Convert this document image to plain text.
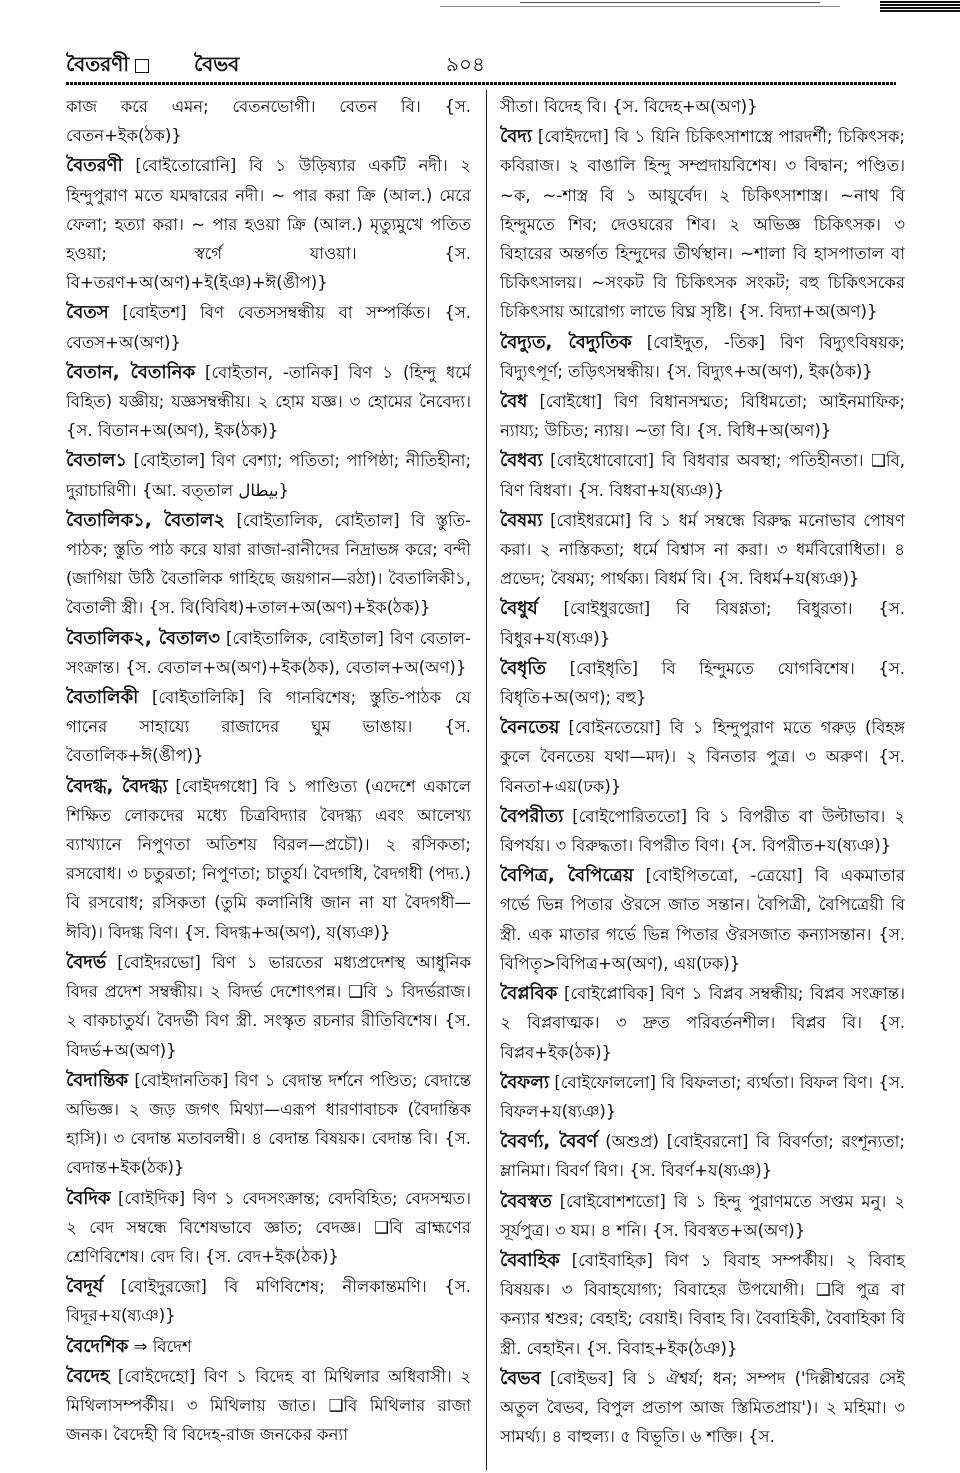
বৈতরণী	বৈভব	৯০৪
কাজ করে এমন; বেতনভোগী। বেতন বি। {স. বেতন+ইক(ঠক)}
বৈতরণী [বোইতোরোনি] বি ১ উড়িষ্যার একটি নদী। ২ হিন্দুপুরাণ মতে যমদ্বারের নদী। ~ পার করা ক্রি (আল.) মেরে ফেলা; হত্যা করা। ~ পার হওয়া ক্রি (আল.) মৃত্যুমুখে পতিত হওয়া; স্বর্গে যাওয়া। {স. বি+তরণ+অ(অণ)+ই(ইঞ)+ঈ(ঙীপ)}
বৈতস [বোইতশ] বিণ বেতসসম্বন্ধীয় বা সম্পর্কিত। {স. বেতস+অ(অণ)}
বৈতান, বৈতানিক [বোইতান, -তানিক] বিণ ১ (হিন্দু ধর্মে বিহিত) যজ্ঞীয়; যজ্ঞসম্বন্ধীয়। ২ হোম যজ্ঞ। ৩ হোমের নৈবেদ্য। {স. বিতান+অ(অণ), ইক(ঠক)}
বৈতাল১ [বোইতাল] বিণ বেশ্যা; পতিতা; পাপিষ্ঠা; নীতিহীনা; দুরাচারিণী। {আ. বত্‌তাল بيطال}
বৈতালিক১, বৈতাল২ [বোইতালিক, বোইতাল] বি স্তুতি-পাঠক; স্তুতি পাঠ করে যারা রাজা-রানীদের নিদ্রাভঙ্গ করে; বন্দী (জাগিয়া উঠি বৈতালিক গাহিছে জয়গান—রঠা)। বৈতালিকী১, বৈতালী স্ত্রী। {স. বি(বিবিধ)+তাল+অ(অণ)+ইক(ঠক)}
বৈতালিক২, বৈতাল৩ [বোইতালিক, বোইতাল] বিণ বেতাল-সংক্রান্ত। {স. বেতাল+অ(অণ)+ইক(ঠক), বেতাল+অ(অণ)}
বৈতালিকী [বোইতালিকি] বি গানবিশেষ; স্তুতি-পাঠক যে গানের সাহায্যে রাজাদের ঘুম ভাঙায়। {স. বৈতালিক+ঈ(ঙীপ)}
বৈদগ্ধ, বৈদগ্ধ্য [বোইদগধো] বি ১ পাণ্ডিত্য (এদেশে একালে শিক্ষিত লোকদের মধ্যে চিত্রবিদ্যার বৈদগ্ধ্য এবং আলেখ্য ব্যাখ্যানে নিপুণতা অতিশয় বিরল—প্রচৌ)। ২ রসিকতা; রসবোধ। ৩ চতুরতা; নিপুণতা; চাতুর্য। বৈদগধি, বৈদগধী (পদ্য.) বি রসবোধ; রসিকতা (তুমি কলানিধি জান না যা বৈদগধী—ঈবি)। বিদগ্ধ বিণ। {স. বিদগ্ধ+অ(অণ), য(ষ্যঞ)}
বৈদর্ভ [বোইদরভো] বিণ ১ ভারতের মধ্যপ্রদেশস্থ আধুনিক বিদর প্রদেশ সম্বন্ধীয়। ২ বিদর্ভ দেশোৎপন্ন। ❑বি ১ বিদর্ভরাজ। ২ বাকচাতুর্য। বৈদর্ভী বিণ স্ত্রী. সংস্কৃত রচনার রীতিবিশেষ। {স. বিদর্ভ+অ(অণ)}
বৈদান্তিক [বোইদানতিক] বিণ ১ বেদান্ত দর্শনে পণ্ডিত; বেদান্তে অভিজ্ঞ। ২ জড় জগৎ মিথ্যা—এরূপ ধারণাবাচক (বৈদান্তিক হাসি)। ৩ বেদান্ত মতাবলম্বী। ৪ বেদান্ত বিষয়ক। বেদান্ত বি। {স. বেদান্ত+ইক(ঠক)}
বৈদিক [বোইদিক] বিণ ১ বেদসংক্রান্ত; বেদবিহিত; বেদসম্মত। ২ বেদ সম্বন্ধে বিশেষভাবে জ্ঞাত; বেদজ্ঞ। ❑বি ব্রাহ্মণের শ্রেণিবিশেষ। বেদ বি। {স. বেদ+ইক(ঠক)}
বৈদূর্য [বোইদুরজো] বি মণিবিশেষ; নীলকান্তমণি। {স. বিদূর+য(ষ্যঞ)}
বৈদেশিক ⇒ বিদেশ
বৈদেহ [বোইদেহো] বিণ ১ বিদেহ বা মিথিলার অধিবাসী। ২ মিথিলাসম্পর্কীয়। ৩ মিথিলায় জাত। ❑বি মিথিলার রাজা জনক। বৈদেহী বি বিদেহ-রাজ জনকের কন্যা
সীতা। বিদেহ বি। {স. বিদেহ+অ(অণ)}
বৈদ্য [বোইদদো] বি ১ যিনি চিকিৎসাশাস্ত্রে পারদর্শী; চিকিৎসক; কবিরাজ। ২ বাঙালি হিন্দু সম্প্রদায়বিশেষ। ৩ বিদ্বান; পণ্ডিত। ~ক, ~-শাস্ত্র বি ১ আয়ুর্বেদ। ২ চিকিৎসাশাস্ত্র। ~নাথ বি হিন্দুমতে শিব; দেওঘরের শিব। ২ অভিজ্ঞ চিকিৎসক। ৩ বিহারের অন্তর্গত হিন্দুদের তীর্থস্থান। ~শালা বি হাসপাতাল বা চিকিৎসালয়। ~সংকট বি চিকিৎসক সংকট; বহু চিকিৎসকের চিকিৎসায় আরোগ্য লাভে বিঘ্ন সৃষ্টি। {স. বিদ্যা+অ(অণ)}
বৈদ্যুত, বৈদ্যুতিক [বোইদুত, -তিক] বিণ বিদ্যুৎবিষয়ক; বিদ্যুৎপূর্ণ; তড়িৎসম্বন্ধীয়। {স. বিদ্যুৎ+অ(অণ), ইক(ঠক)}
বৈধ [বোইধো] বিণ বিধানসম্মত; বিধিমতো; আইনমাফিক; ন্যায্য; উচিত; ন্যায়। ~তা বি। {স. বিধি+অ(অণ)}
বৈধব্য [বোইধোবোবো] বি বিধবার অবস্থা; পতিহীনতা। ❑বি, বিণ বিধবা। {স. বিধবা+য(ষ্যঞ)}
বৈষম্য [বোইধরমো] বি ১ ধর্ম সম্বন্ধে বিরুদ্ধ মনোভাব পোষণ করা। ২ নাস্তিকতা; ধর্মে বিশ্বাস না করা। ৩ ধর্মবিরোধিতা। ৪ প্রভেদ; বৈষম্য; পার্থক্য। বিধর্ম বি। {স. বিধর্ম+য(ষ্যঞ)}
বৈধুর্য [বোইধুরজো] বি বিষণ্ণতা; বিধুরতা। {স. বিধুর+য(ষ্যঞ)}
বৈধৃতি [বোইধৃতি] বি হিন্দুমতে যোগবিশেষ। {স. বিধৃতি+অ(অণ); বহু}
বৈনতেয় [বোইনতেয়ো] বি ১ হিন্দুপুরাণ মতে গরুড় (বিহঙ্গ কুলে বৈনতেয় যথা—মদ)। ২ বিনতার পুত্র। ৩ অরুণ। {স. বিনতা+এয়(ঢক)}
বৈপরীত্য [বোইপোরিততো] বি ১ বিপরীত বা উল্টাভাব। ২ বিপর্যয়। ৩ বিরুদ্ধতা। বিপরীত বিণ। {স. বিপরীত+য(ষ্যঞ)}
বৈপিত্র, বৈপিত্রেয় [বোইপিতত্রো, -ত্রেয়ো] বি একমাতার গর্ভে ভিন্ন পিতার ঔরসে জাত সন্তান। বৈপিত্রী, বৈপিত্রেয়ী বি স্ত্রী. এক মাতার গর্ভে ভিন্ন পিতার ঔরসজাত কন্যাসন্তান। {স. বিপিতৃ>বিপিত্র+অ(অণ), এয়(ঢক)}
বৈপ্লবিক [বোইপ্লোবিক] বিণ ১ বিপ্লব সম্বন্ধীয়; বিপ্লব সংক্রান্ত। ২ বিপ্লবাত্মক। ৩ দ্রুত পরিবর্তনশীল। বিপ্লব বি। {স. বিপ্লব+ইক(ঠক)}
বৈফল্য [বোইফোললো] বি বিফলতা; ব্যর্থতা। বিফল বিণ। {স. বিফল+য(ষ্যঞ)}
বৈবর্ণ্য, বৈবর্ণ (অশুপ্র) [বোইবরনো] বি বিবর্ণতা; রংশূন্যতা; ম্লানিমা। বিবর্ণ বিণ। {স. বিবর্ণ+য(ষ্যঞ)}
বৈবস্বত [বোইবোশশতো] বি ১ হিন্দু পুরাণমতে সপ্তম মনু। ২ সূর্যপুত্র। ৩ যম। ৪ শনি। {স. বিবস্বত+অ(অণ)}
বৈবাহিক [বোইবাহিক] বিণ ১ বিবাহ সম্পর্কীয়। ২ বিবাহ বিষয়ক। ৩ বিবাহযোগ্য; বিবাহের উপযোগী। ❑বি পুত্র বা কন্যার শ্বশুর; বেহাই; বেয়াই। বিবাহ বি। বৈবাহিকী, বৈবাহিকা বি স্ত্রী. বেহাইন। {স. বিবাহ+ইক(ঠঞ)}
বৈভব [বোইভব] বি ১ ঐশ্বর্য; ধন; সম্পদ ('দিল্লীশ্বরের সেই অতুল বৈভব, বিপুল প্রতাপ আজ স্তিমিতপ্রায়')। ২ মহিমা। ৩ সামর্থ্য। ৪ বাহুল্য। ৫ বিভূতি। ৬ শক্তি। {স.
